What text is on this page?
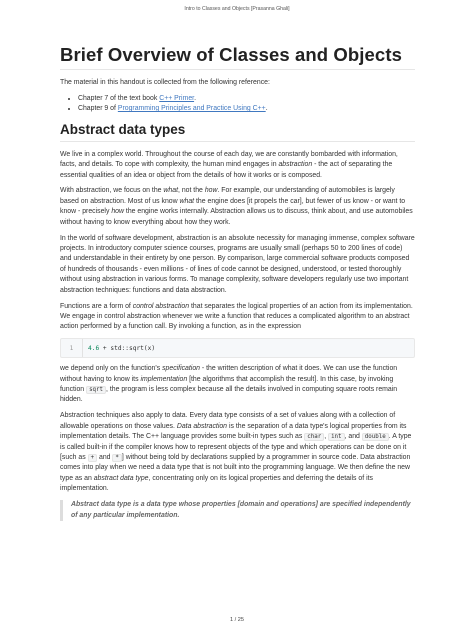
Intro to Classes and Objects [Prasanna Ghali]
Brief Overview of Classes and Objects

The material in this handout is collected from the following reference:

• Chapter 7 of the text book C++ Primer.
• Chapter 9 of Programming Principles and Practice Using C++.
Abstract data types

We live in a complex world. Throughout the course of each day, we are constantly bombarded with information, facts, and details. To cope with complexity, the human mind engages in abstraction - the act of separating the essential qualities of an idea or object from the details of how it works or is composed.

With abstraction, we focus on the what, not the how. For example, our understanding of automobiles is largely based on abstraction. Most of us know what the engine does [it propels the car], but fewer of us know - or want to know - precisely how the engine works internally. Abstraction allows us to discuss, think about, and use automobiles without having to know everything about how they work.

In the world of software development, abstraction is an absolute necessity for managing immense, complex software projects. In introductory computer science courses, programs are usually small (perhaps 50 to 200 lines of code) and understandable in their entirety by one person. By comparison, large commercial software products composed of hundreds of thousands - even millions - of lines of code cannot be designed, understood, or tested thoroughly without using abstraction in various forms. To manage complexity, software developers regularly use two important abstraction techniques: functions and data abstraction.

Functions are a form of control abstraction that separates the logical properties of an action from its implementation. We engage in control abstraction whenever we write a function that reduces a complicated algorithm to an abstract action performed by a function call. By invoking a function, as in the expression

1	4.6 + std::sqrt(x)

we depend only on the function's specification - the written description of what it does. We can use the function without having to know its implementation [the algorithms that accomplish the result]. In this case, by invoking function sqrt , the program is less complex because all the details involved in computing square roots remain hidden.

Abstraction techniques also apply to data. Every data type consists of a set of values along with a collection of allowable operations on those values. Data abstraction is the separation of a data type's logical properties from its implementation details. The C++ language provides some built-in types such as char , int , and double . A type is called built-in if the compiler knows how to represent objects of the type and which operations can be done on it [such as + and * ] without being told by declarations supplied by a programmer in source code. Data abstraction comes into play when we need a data type that is not built into the programming language. We then define the new type as an abstract data type, concentrating only on its logical properties and deferring the details of its implementation.

Abstract data type is a data type whose properties [domain and operations] are specified independently of any particular implementation.
1 / 25
